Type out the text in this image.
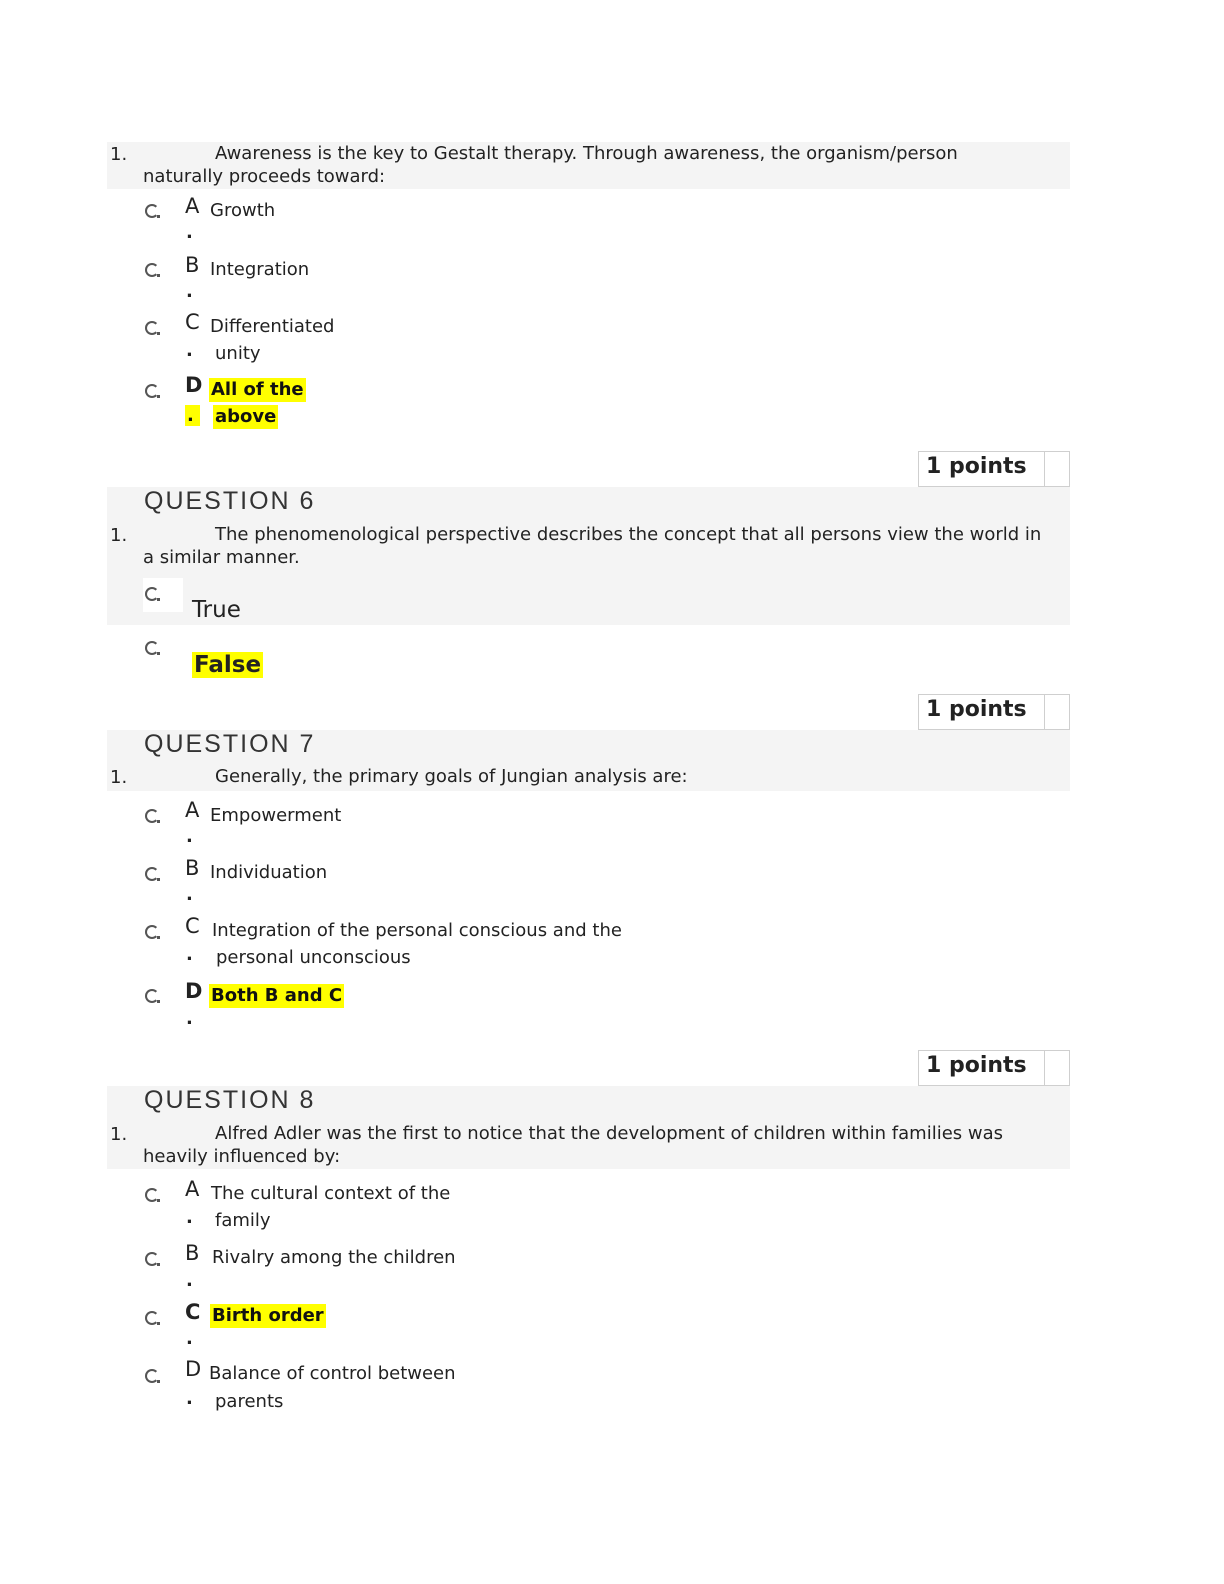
1.	Awareness is the key to Gestalt therapy. Through awareness, the organism/person naturally proceeds toward:
A Growth
.
B Integration
.
C Differentiated
. unity
D All of the
.	above
1 points
QUESTION 6
1.	The phenomenological perspective describes the concept that all persons view the world in a similar manner.
True
False
1 points
QUESTION 7
1.	Generally, the primary goals of Jungian analysis are:
A Empowerment
.
B Individuation
.
C Integration of the personal conscious and the
. personal unconscious
D Both B and C
.
1 points
QUESTION 8
1.	Alfred Adler was the first to notice that the development of children within families was heavily influenced by:
A The cultural context of the
. family
B Rivalry among the children
.
C Birth order
.
D Balance of control between
. parents
